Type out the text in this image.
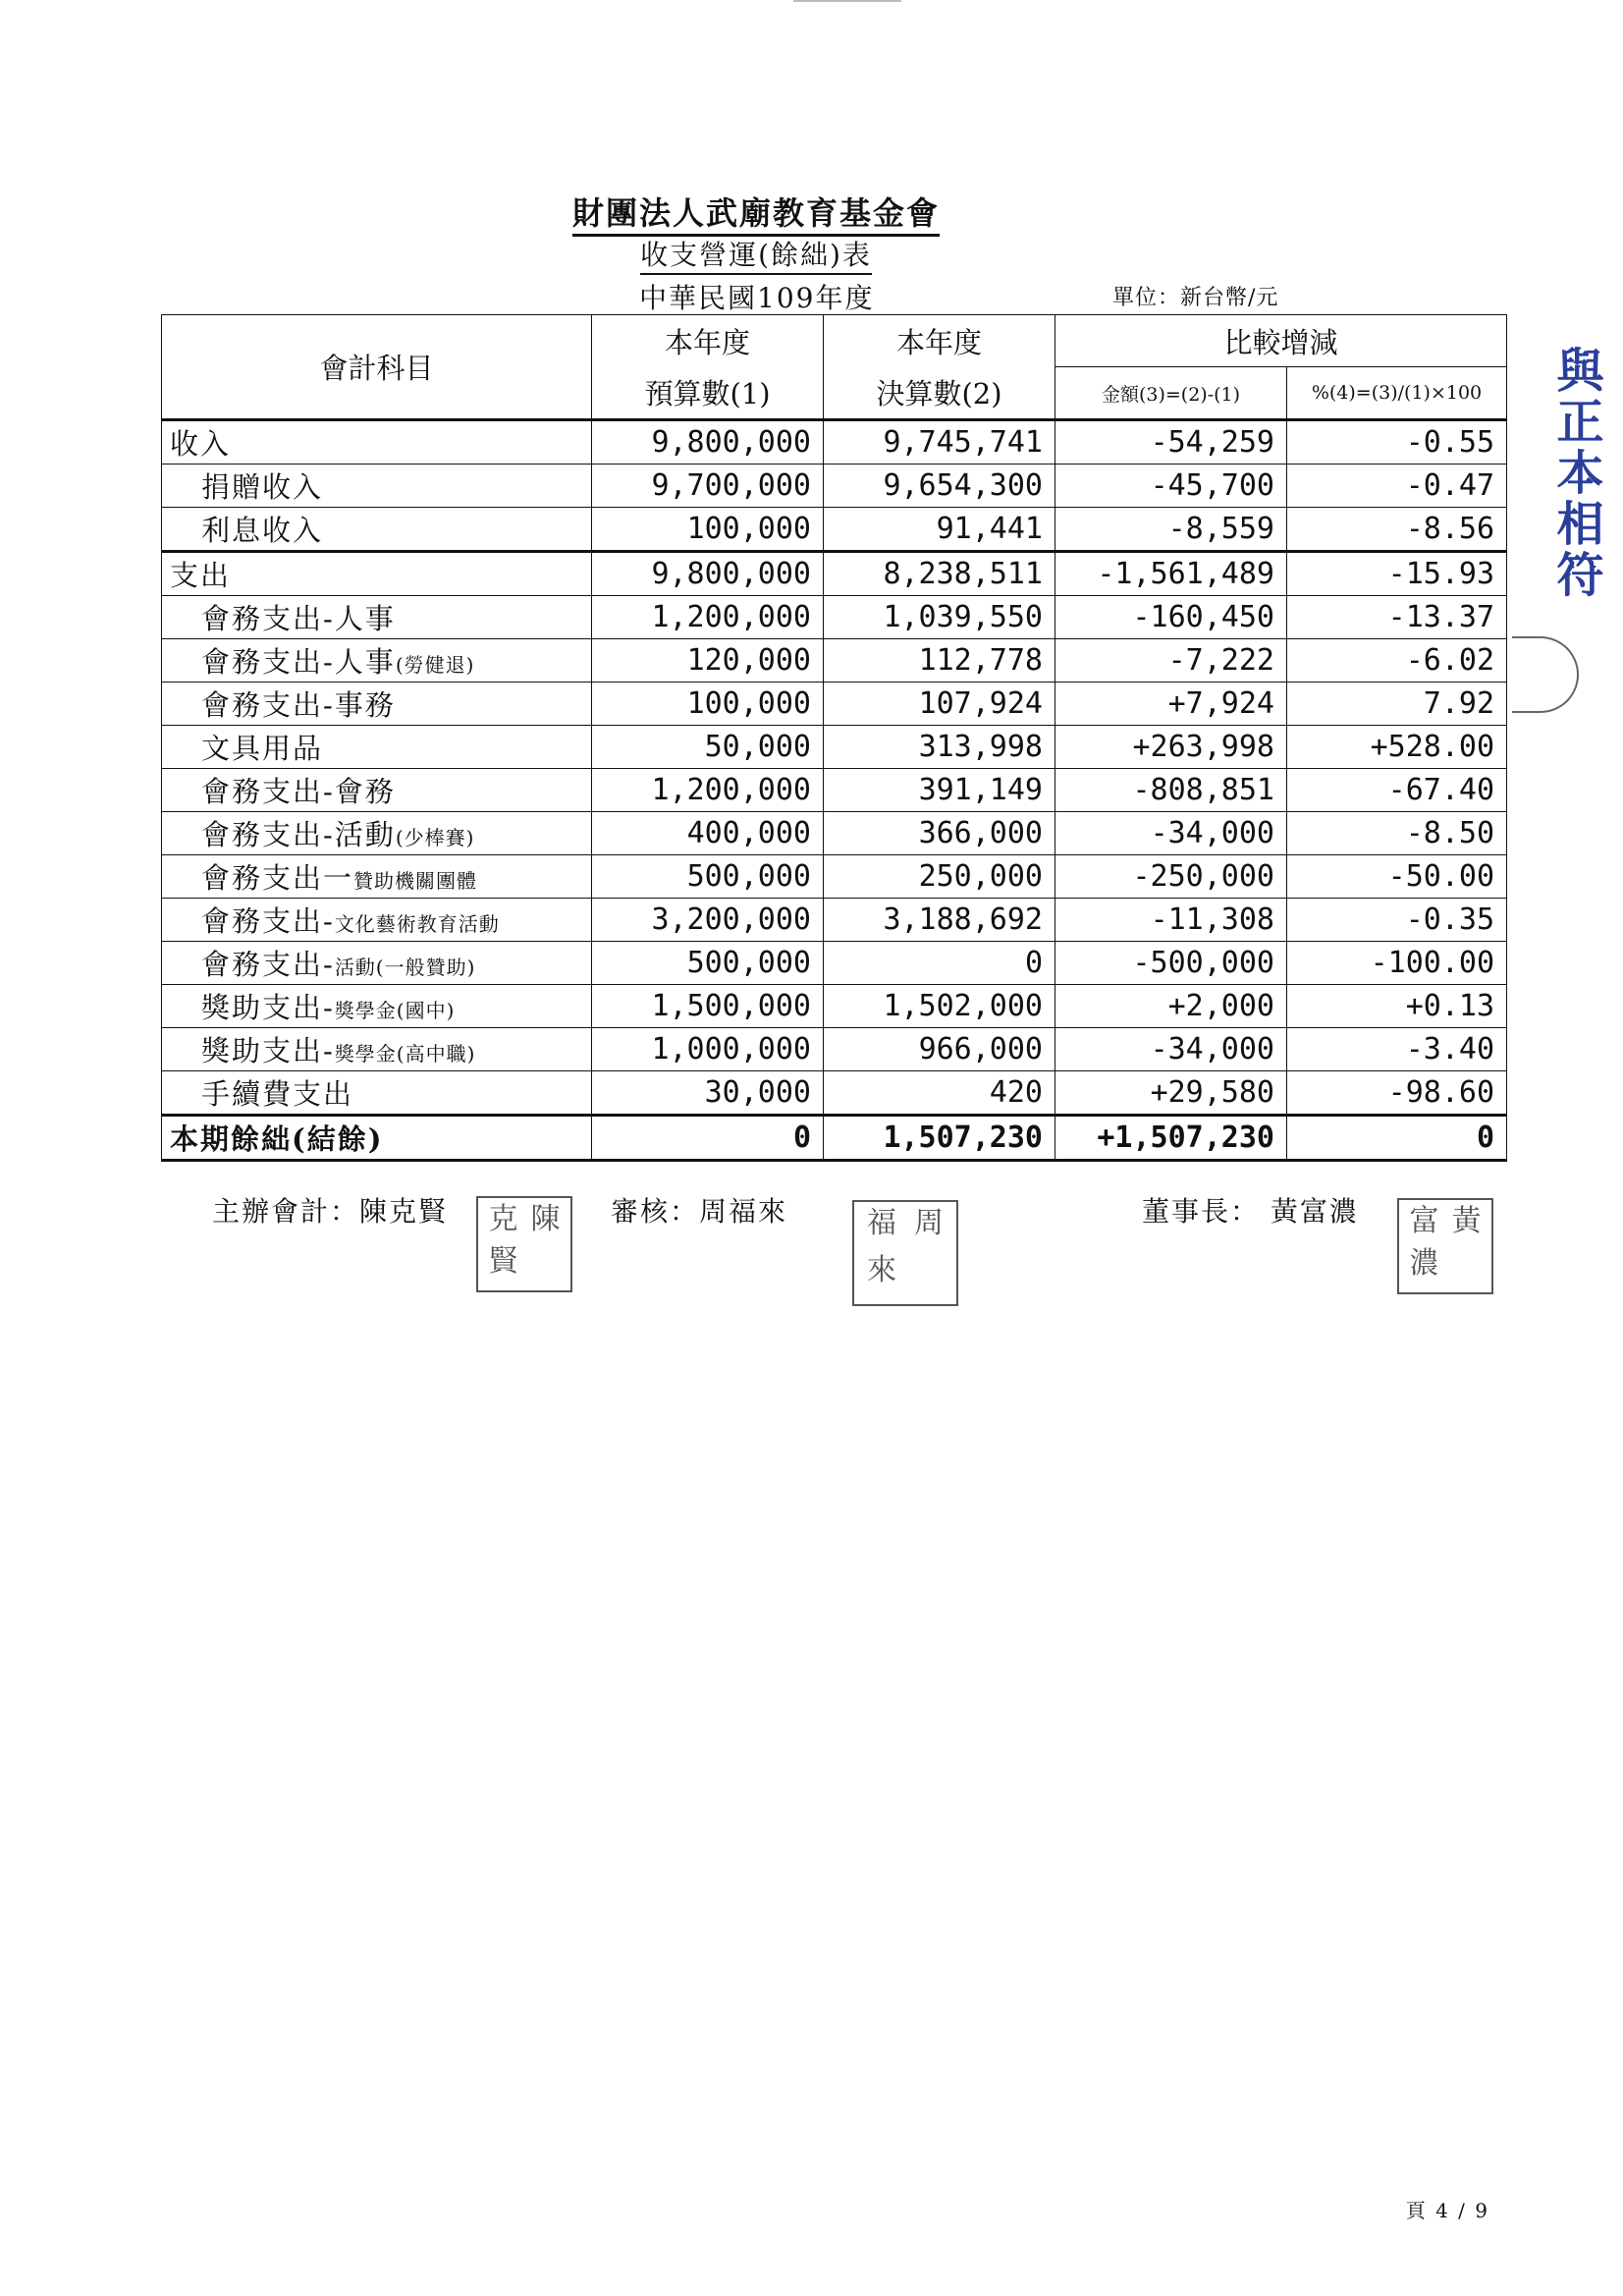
財團法人武廟教育基金會
收支營運(餘絀)表
中華民國109年度	單位：新台幣/元
會計科目	本年度	本年度	比較增減	
	預算數(1)	決算數(2)	金額(3)=(2)-(1)	%(4)=(3)/(1)×100
收入	9,800,000	9,745,741	-54,259	-0.55
捐贈收入	9,700,000	9,654,300	-45,700	-0.47
利息收入	100,000	91,441	-8,559	-8.56
支出	9,800,000	8,238,511	-1,561,489	-15.93
會務支出-人事	1,200,000	1,039,550	-160,450	-13.37
會務支出-人事(勞健退)	120,000	112,778	-7,222	-6.02
會務支出-事務	100,000	107,924	+7,924	7.92
文具用品	50,000	313,998	+263,998	+528.00
會務支出-會務	1,200,000	391,149	-808,851	-67.40
會務支出-活動(少棒賽)	400,000	366,000	-34,000	-8.50
會務支出一贊助機關團體	500,000	250,000	-250,000	-50.00
會務支出-文化藝術教育活動	3,200,000	3,188,692	-11,308	-0.35
會務支出-活動(一般贊助)	500,000	0	-500,000	-100.00
獎助支出-獎學金(國中)	1,500,000	1,502,000	+2,000	+0.13
獎助支出-獎學金(高中職)	1,000,000	966,000	-34,000	-3.40
手續費支出	30,000	420	+29,580	-98.60
本期餘絀(結餘)	0	1,507,230	+1,507,230	0
主辦會計：陳克賢 克 陳
賢
審核：周福來	福 周
來
董事長： 黃富濃 富 黃
濃
與正本相符
頁 4 / 9
